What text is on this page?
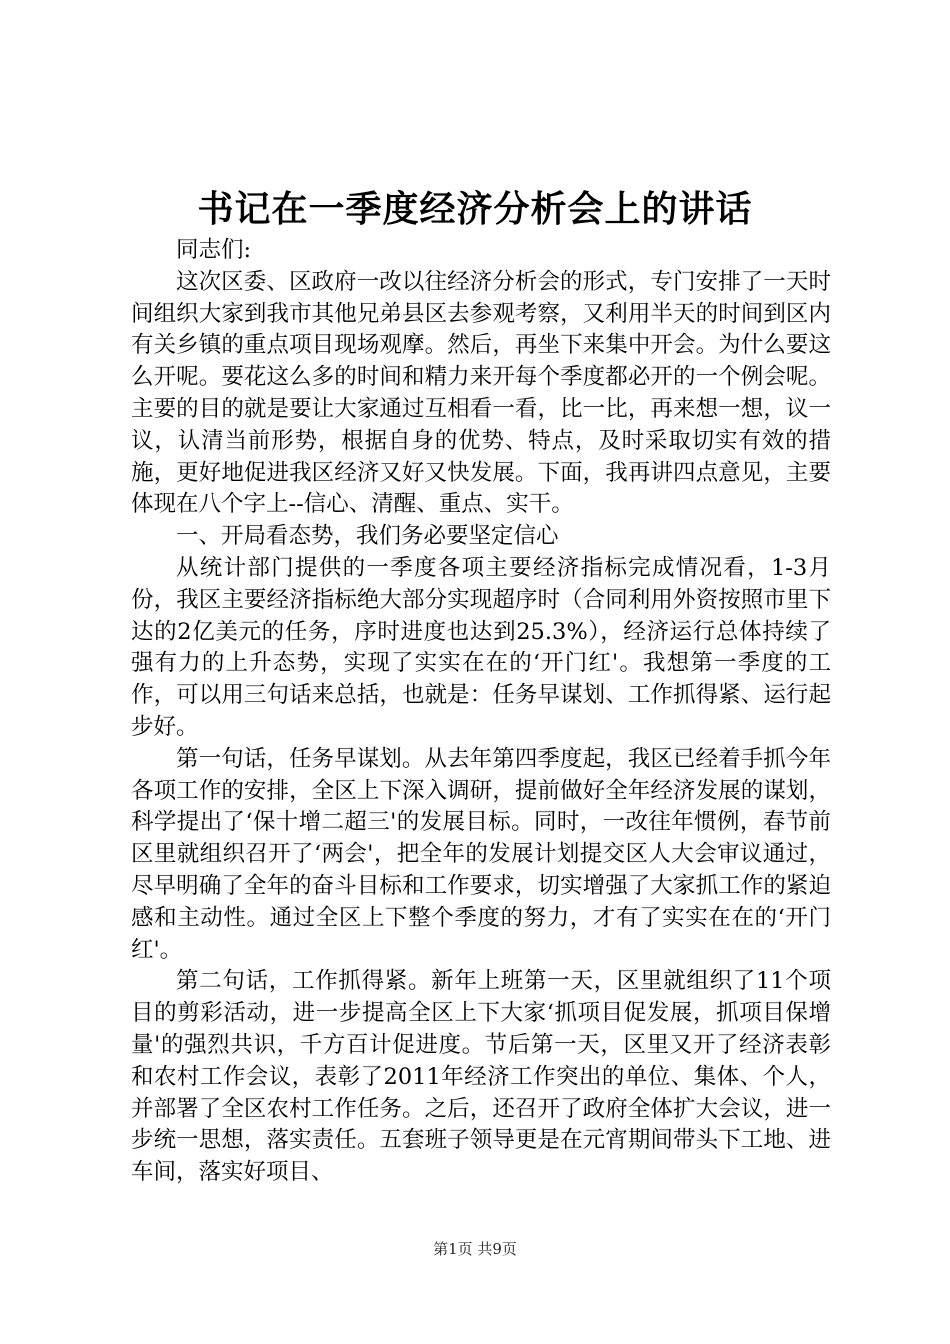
书记在一季度经济分析会上的讲话

同志们:

这次区委、区政府一改以往经济分析会的形式，专门安排了一天时间组织大家到我市其他兄弟县区去参观考察，又利用半天的时间到区内有关乡镇的重点项目现场观摩。然后，再坐下来集中开会。为什么要这么开呢。要花这么多的时间和精力来开每个季度都必开的一个例会呢。主要的目的就是要让大家通过互相看一看，比一比，再来想一想，议一议，认清当前形势，根据自身的优势、特点，及时采取切实有效的措施，更好地促进我区经济又好又快发展。下面，我再讲四点意见，主要体现在八个字上--信心、清醒、重点、实干。

一、开局看态势，我们务必要坚定信心

从统计部门提供的一季度各项主要经济指标完成情况看，1-3月份，我区主要经济指标绝大部分实现超序时（合同利用外资按照市里下达的2亿美元的任务，序时进度也达到25.3%），经济运行总体持续了强有力的上升态势，实现了实实在在的‘开门红'。我想第一季度的工作，可以用三句话来总括，也就是：任务早谋划、工作抓得紧、运行起步好。

第一句话，任务早谋划。从去年第四季度起，我区已经着手抓今年各项工作的安排，全区上下深入调研，提前做好全年经济发展的谋划，科学提出了‘保十增二超三'的发展目标。同时，一改往年惯例，春节前区里就组织召开了‘两会'，把全年的发展计划提交区人大会审议通过，尽早明确了全年的奋斗目标和工作要求，切实增强了大家抓工作的紧迫感和主动性。通过全区上下整个季度的努力，才有了实实在在的‘开门红'。

第二句话，工作抓得紧。新年上班第一天，区里就组织了11个项目的剪彩活动，进一步提高全区上下大家‘抓项目促发展，抓项目保增量'的强烈共识，千方百计促进度。节后第一天，区里又开了经济表彰和农村工作会议，表彰了2011年经济工作突出的单位、集体、个人，并部署了全区农村工作任务。之后，还召开了政府全体扩大会议，进一步统一思想，落实责任。五套班子领导更是在元宵期间带头下工地、进车间，落实好项目、

第1页 共9页
